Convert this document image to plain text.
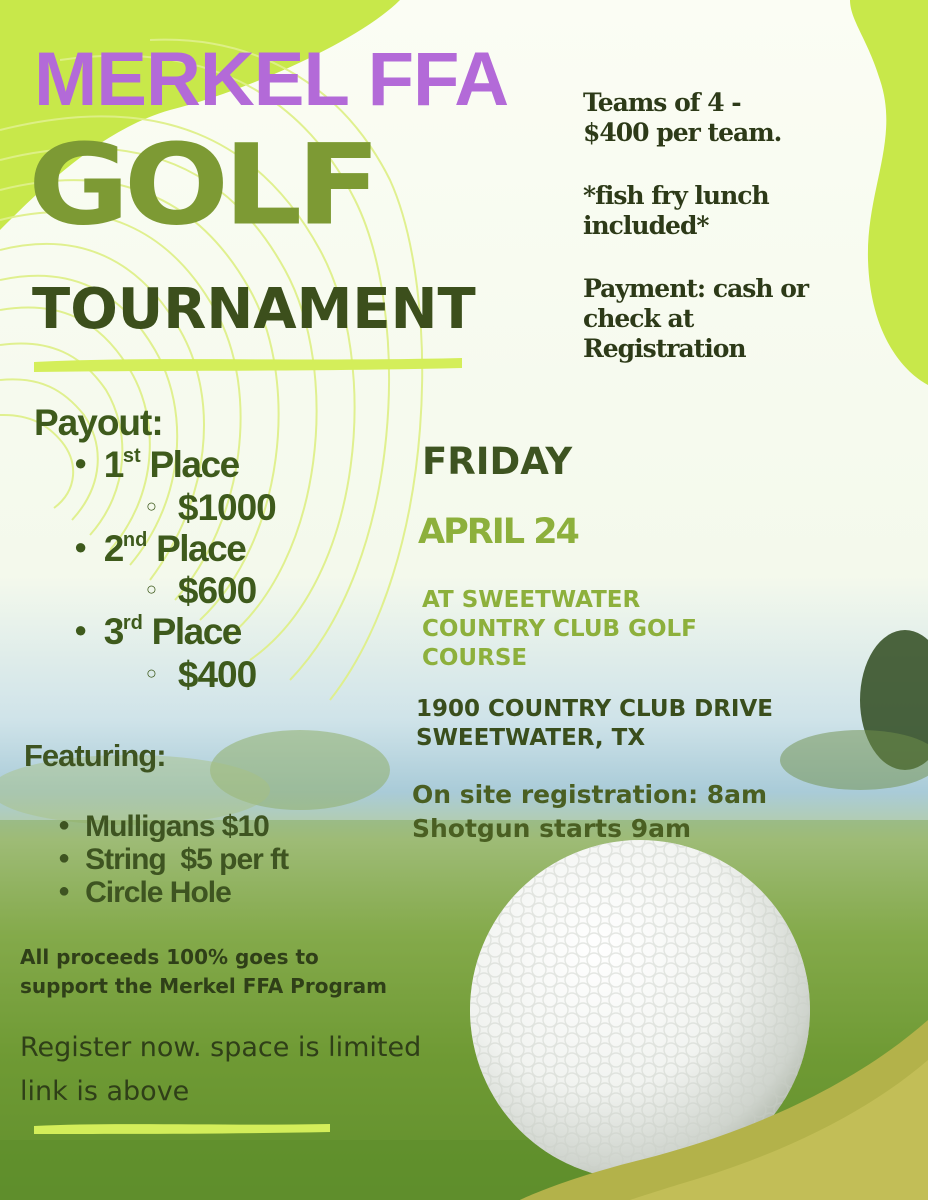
MERKEL FFA
GOLF
TOURNAMENT
Teams of 4 -
$400 per team.
*fish fry lunch
included*
Payment: cash or
check at
Registration
Payout:
● 1st Place
○ $1000
● 2nd Place
○ $600
● 3rd Place
○ $400
FRIDAY
APRIL 24
AT SWEETWATER
COUNTRY CLUB GOLF
COURSE
1900 COUNTRY CLUB DRIVE
SWEETWATER, TX
On site registration: 8am
Shotgun starts 9am
Featuring:
● Mulligans $10
● String  $5 per ft
● Circle Hole
All proceeds 100% goes to
support the Merkel FFA Program
Register now. space is limited
link is above
